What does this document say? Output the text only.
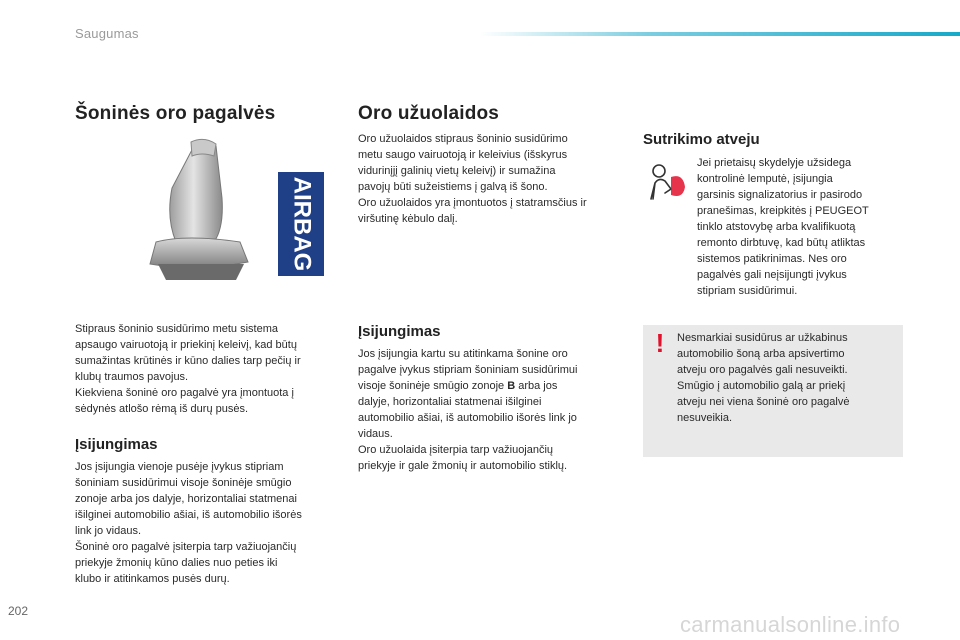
Saugumas
Šoninės oro pagalvės
AIRBAG

Stipraus šoninio susidūrimo metu sistema
apsaugo vairuotoją ir priekinį keleivį, kad būtų
sumažintas krūtinės ir kūno dalies tarp pečių ir
klubų traumos pavojus.
Kiekviena šoninė oro pagalvė yra įmontuota į
sėdynės atlošo rėmą iš durų pusės.

Įsijungimas

Jos įsijungia vienoje pusėje įvykus stipriam
šoniniam susidūrimui visoje šoninėje smūgio
zonoje arba jos dalyje, horizontaliai statmenai
išilginei automobilio ašiai, iš automobilio išorės
link jo vidaus.
Šoninė oro pagalvė įsiterpia tarp važiuojančių
priekyje žmonių kūno dalies nuo peties iki
klubo ir atitinkamos pusės durų.

Oro užuolaidos

Oro užuolaidos stipraus šoninio susidūrimo
metu saugo vairuotoją ir keleivius (išskyrus
vidurinįjį galinių vietų keleivį) ir sumažina
pavojų būti sužeistiems į galvą iš šono.
Oro užuolaidos yra įmontuotos į statramsčius ir
viršutinę kėbulo dalį.

Įsijungimas

Jos įsijungia kartu su atitinkama šonine oro
pagalve įvykus stipriam šoniniam susidūrimui
visoje šoninėje smūgio zonoje B arba jos
dalyje, horizontaliai statmenai išilginei
automobilio ašiai, iš automobilio išorės link jo
vidaus.
Oro užuolaida įsiterpia tarp važiuojančių
priekyje ir gale žmonių ir automobilio stiklų.

Sutrikimo atveju

Jei prietaisų skydelyje užsidega
kontrolinė lemputė, įsijungia
garsinis signalizatorius ir pasirodo
pranešimas, kreipkitės į PEUGEOT
tinklo atstovybę arba kvalifikuotą
remonto dirbtuvę, kad būtų atliktas
sistemos patikrinimas. Nes oro
pagalvės gali neįsijungti įvykus
stipriam susidūrimui.

! Nesmarkiai susidūrus ar užkabinus
automobilio šoną arba apsivertimo
atveju oro pagalvės gali nesuveikti.
Smūgio į automobilio galą ar priekį
atveju nei viena šoninė oro pagalvė
nesuveikia.

202
carmanualsonline.info
